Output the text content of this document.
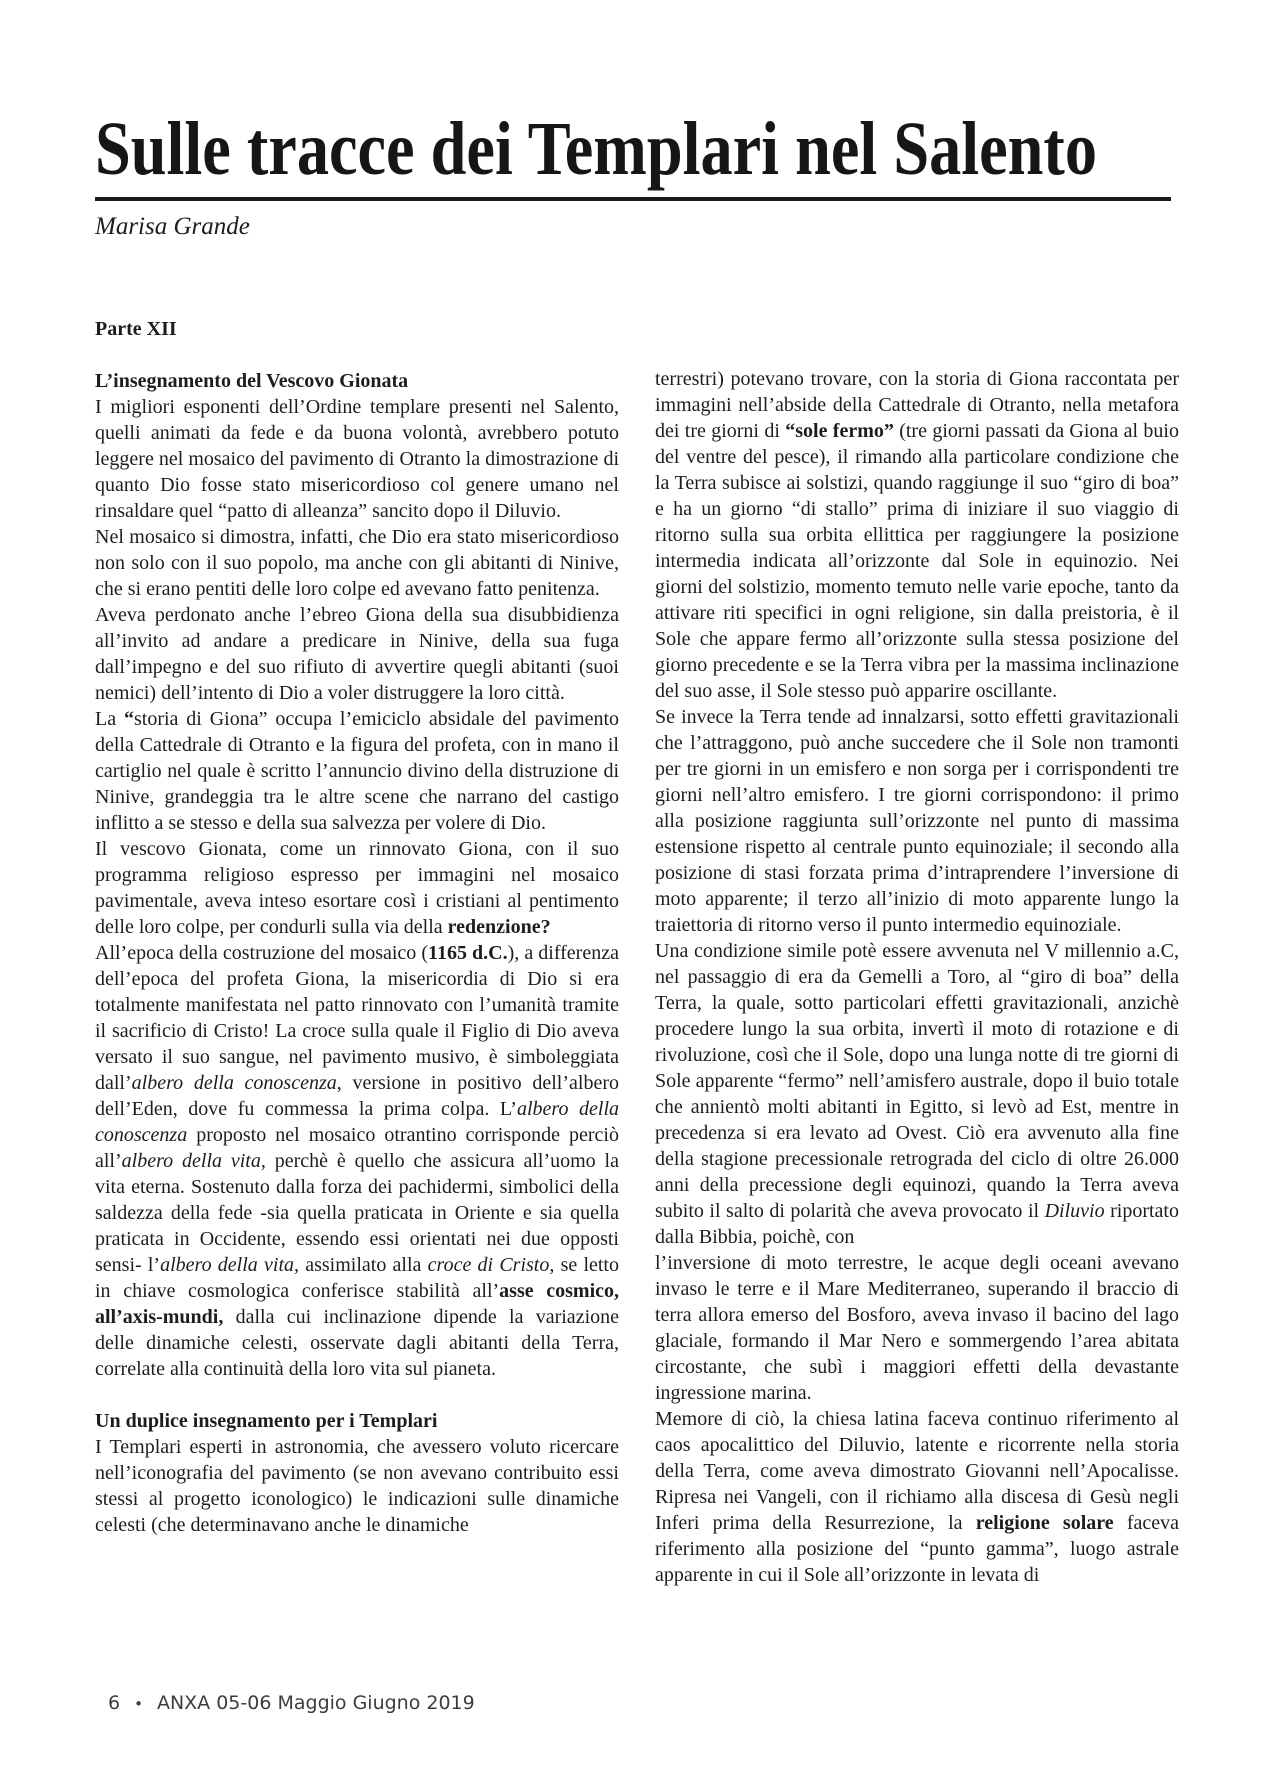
Sulle tracce dei Templari nel Salento
Marisa Grande
Parte XII
L’insegnamento del Vescovo Gionata

I migliori esponenti dell’Ordine templare presenti nel Salento, quelli animati da fede e da buona volontà, avrebbero potuto leggere nel mosaico del pavimento di Otranto la dimostrazione di quanto Dio fosse stato misericordioso col genere umano nel rinsaldare quel “patto di alleanza” sancito dopo il Diluvio.

Nel mosaico si dimostra, infatti, che Dio era stato misericordioso non solo con il suo popolo, ma anche con gli abitanti di Ninive, che si erano pentiti delle loro colpe ed avevano fatto penitenza.

Aveva perdonato anche l’ebreo Giona della sua disubbidienza all’invito ad andare a predicare in Ninive, della sua fuga dall’impegno e del suo rifiuto di avvertire quegli abitanti (suoi nemici) dell’intento di Dio a voler distruggere la loro città.

La “storia di Giona” occupa l’emiciclo absidale del pavimento della Cattedrale di Otranto e la figura del profeta, con in mano il cartiglio nel quale è scritto l’annuncio divino della distruzione di Ninive, grandeggia tra le altre scene che narrano del castigo inflitto a se stesso e della sua salvezza per volere di Dio.

Il vescovo Gionata, come un rinnovato Giona, con il suo programma religioso espresso per immagini nel mosaico pavimentale, aveva inteso esortare così i cristiani al pentimento delle loro colpe, per condurli sulla via della redenzione?

All’epoca della costruzione del mosaico (1165 d.C.), a differenza dell’epoca del profeta Giona, la misericordia di Dio si era totalmente manifestata nel patto rinnovato con l’umanità tramite il sacrificio di Cristo! La croce sulla quale il Figlio di Dio aveva versato il suo sangue, nel pavimento musivo, è simboleggiata dall’albero della conoscenza, versione in positivo dell’albero dell’Eden, dove fu commessa la prima colpa. L’albero della conoscenza proposto nel mosaico otrantino corrisponde perciò all’albero della vita, perchè è quello che assicura all’uomo la vita eterna. Sostenuto dalla forza dei pachidermi, simbolici della saldezza della fede -sia quella praticata in Oriente e sia quella praticata in Occidente, essendo essi orientati nei due opposti sensi- l’albero della vita, assimilato alla croce di Cristo, se letto in chiave cosmologica conferisce stabilità all’asse cosmico, all’axis-mundi, dalla cui inclinazione dipende la variazione delle dinamiche celesti, osservate dagli abitanti della Terra, correlate alla continuità della loro vita sul pianeta.

Un duplice insegnamento per i Templari

I Templari esperti in astronomia, che avessero voluto ricercare nell’iconografia del pavimento (se non avevano contribuito essi stessi al progetto iconologico) le indicazioni sulle dinamiche celesti (che determinavano anche le dinamiche

terrestri) potevano trovare, con la storia di Giona raccontata per immagini nell’abside della Cattedrale di Otranto, nella metafora dei tre giorni di “sole fermo” (tre giorni passati da Giona al buio del ventre del pesce), il rimando alla particolare condizione che la Terra subisce ai solstizi, quando raggiunge il suo “giro di boa” e ha un giorno “di stallo” prima di iniziare il suo viaggio di ritorno sulla sua orbita ellittica per raggiungere la posizione intermedia indicata all’orizzonte dal Sole in equinozio. Nei giorni del solstizio, momento temuto nelle varie epoche, tanto da attivare riti specifici in ogni religione, sin dalla preistoria, è il Sole che appare fermo all’orizzonte sulla stessa posizione del giorno precedente e se la Terra vibra per la massima inclinazione del suo asse, il Sole stesso può apparire oscillante.

Se invece la Terra tende ad innalzarsi, sotto effetti gravitazionali che l’attraggono, può anche succedere che il Sole non tramonti per tre giorni in un emisfero e non sorga per i corrispondenti tre giorni nell’altro emisfero. I tre giorni corrispondono: il primo alla posizione raggiunta sull’orizzonte nel punto di massima estensione rispetto al centrale punto equinoziale; il secondo alla posizione di stasi forzata prima d’intraprendere l’inversione di moto apparente; il terzo all’inizio di moto apparente lungo la traiettoria di ritorno verso il punto intermedio equinoziale.

Una condizione simile potè essere avvenuta nel V millennio a.C, nel passaggio di era da Gemelli a Toro, al “giro di boa” della Terra, la quale, sotto particolari effetti gravitazionali, anzichè procedere lungo la sua orbita, invertì il moto di rotazione e di rivoluzione, così che il Sole, dopo una lunga notte di tre giorni di Sole apparente “fermo” nell’amisfero australe, dopo il buio totale che annientò molti abitanti in Egitto, si levò ad Est, mentre in precedenza si era levato ad Ovest. Ciò era avvenuto alla fine della stagione precessionale retrograda del ciclo di oltre 26.000 anni della precessione degli equinozi, quando la Terra aveva subito il salto di polarità che aveva provocato il Diluvio riportato dalla Bibbia, poichè, con

l’inversione di moto terrestre, le acque degli oceani avevano invaso le terre e il Mare Mediterraneo, superando il braccio di terra allora emerso del Bosforo, aveva invaso il bacino del lago glaciale, formando il Mar Nero e sommergendo l’area abitata circostante, che subì i maggiori effetti della devastante ingressione marina.

Memore di ciò, la chiesa latina faceva continuo riferimento al caos apocalittico del Diluvio, latente e ricorrente nella storia della Terra, come aveva dimostrato Giovanni nell’Apocalisse. Ripresa nei Vangeli, con il richiamo alla discesa di Gesù negli Inferi prima della Resurrezione, la religione solare faceva riferimento alla posizione del “punto gamma”, luogo astrale apparente in cui il Sole all’orizzonte in levata di

6 • ANXA 05-06 Maggio Giugno 2019
